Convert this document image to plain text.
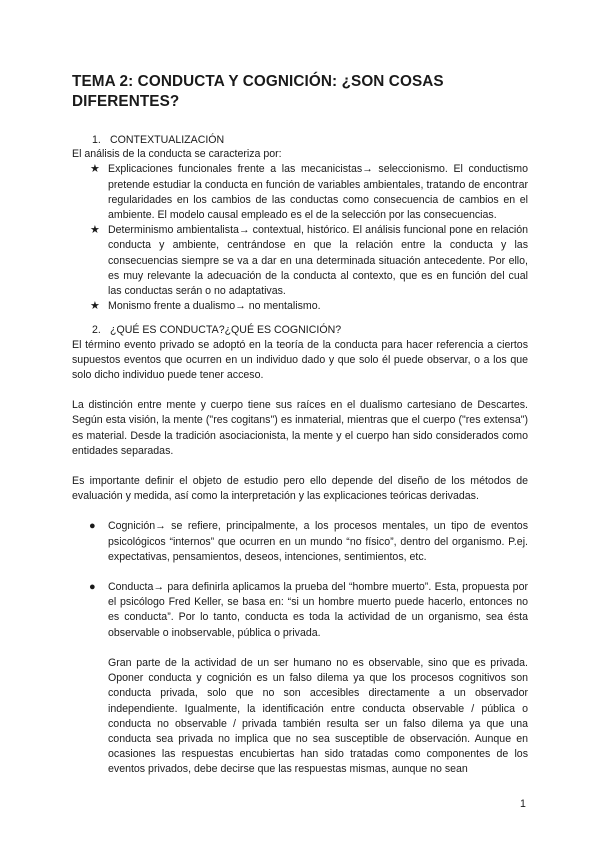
TEMA 2: CONDUCTA Y COGNICIÓN: ¿SON COSAS DIFERENTES?
1. CONTEXTUALIZACIÓN

El análisis de la conducta se caracteriza por:

★ Explicaciones funcionales frente a las mecanicistas→ seleccionismo. El conductismo pretende estudiar la conducta en función de variables ambientales, tratando de encontrar regularidades en los cambios de las conductas como consecuencia de cambios en el ambiente. El modelo causal empleado es el de la selección por las consecuencias.
★ Determinismo ambientalista→ contextual, histórico. El análisis funcional pone en relación conducta y ambiente, centrándose en que la relación entre la conducta y las consecuencias siempre se va a dar en una determinada situación antecedente. Por ello, es muy relevante la adecuación de la conducta al contexto, que es en función del cual las conductas serán o no adaptativas.
★ Monismo frente a dualismo→ no mentalismo.
2. ¿QUÉ ES CONDUCTA?¿QUÉ ES COGNICIÓN?

El término evento privado se adoptó en la teoría de la conducta para hacer referencia a ciertos supuestos eventos que ocurren en un individuo dado y que solo él puede observar, o a los que solo dicho individuo puede tener acceso.

La distinción entre mente y cuerpo tiene sus raíces en el dualismo cartesiano de Descartes. Según esta visión, la mente ("res cogitans") es inmaterial, mientras que el cuerpo ("res extensa") es material. Desde la tradición asociacionista, la mente y el cuerpo han sido considerados como entidades separadas.

Es importante definir el objeto de estudio pero ello depende del diseño de los métodos de evaluación y medida, así como la interpretación y las explicaciones teóricas derivadas.

● Cognición→ se refiere, principalmente, a los procesos mentales, un tipo de eventos psicológicos “internos” que ocurren en un mundo “no físico”, dentro del organismo. P.ej. expectativas, pensamientos, deseos, intenciones, sentimientos, etc.
● Conducta→ para definirla aplicamos la prueba del “hombre muerto”. Esta, propuesta por el psicólogo Fred Keller, se basa en: “si un hombre muerto puede hacerlo, entonces no es conducta”. Por lo tanto, conducta es toda la actividad de un organismo, sea ésta observable o inobservable, pública o privada.
Gran parte de la actividad de un ser humano no es observable, sino que es privada. Oponer conducta y cognición es un falso dilema ya que los procesos cognitivos son conducta privada, solo que no son accesibles directamente a un observador independiente. Igualmente, la identificación entre conducta observable / pública o conducta no observable / privada también resulta ser un falso dilema ya que una conducta sea privada no implica que no sea susceptible de observación. Aunque en ocasiones las respuestas encubiertas han sido tratadas como componentes de los eventos privados, debe decirse que las respuestas mismas, aunque no sean
1
